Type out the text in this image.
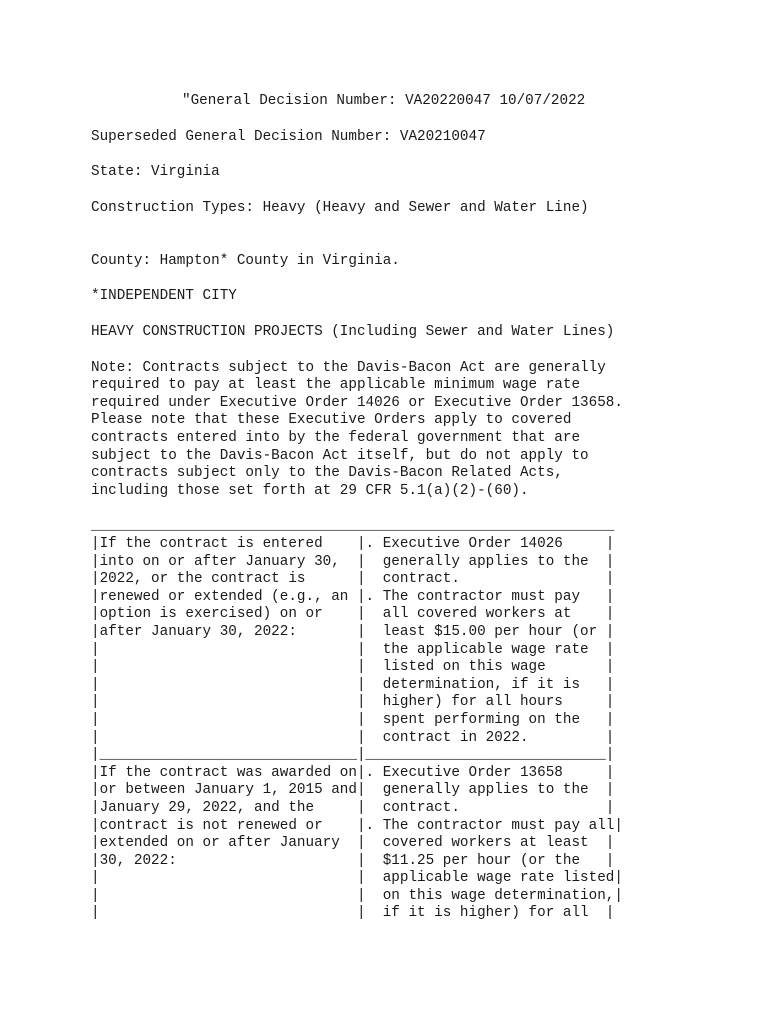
"General Decision Number: VA20220047 10/07/2022
Superseded General Decision Number: VA20210047
State: Virginia
Construction Types: Heavy (Heavy and Sewer and Water Line)
County: Hampton* County in Virginia.
*INDEPENDENT CITY
HEAVY CONSTRUCTION PROJECTS (Including Sewer and Water Lines)
Note: Contracts subject to the Davis-Bacon Act are generally
required to pay at least the applicable minimum wage rate
required under Executive Order 14026 or Executive Order 13658.
Please note that these Executive Orders apply to covered
contracts entered into by the federal government that are
subject to the Davis-Bacon Act itself, but do not apply to
contracts subject only to the Davis-Bacon Related Acts,
including those set forth at 29 CFR 5.1(a)(2)-(60).
_____________________________________________________________
|If the contract is entered    |. Executive Order 14026     |
|into on or after January 30,  |  generally applies to the  |
|2022, or the contract is      |  contract.                 |
|renewed or extended (e.g., an |. The contractor must pay   |
|option is exercised) on or    |  all covered workers at    |
|after January 30, 2022:       |  least $15.00 per hour (or |
|                              |  the applicable wage rate  |
|                              |  listed on this wage       |
|                              |  determination, if it is   |
|                              |  higher) for all hours     |
|                              |  spent performing on the   |
|                              |  contract in 2022.         |
|______________________________|____________________________|
|If the contract was awarded on|. Executive Order 13658     |
|or between January 1, 2015 and|  generally applies to the  |
|January 29, 2022, and the     |  contract.                 |
|contract is not renewed or    |. The contractor must pay all|
|extended on or after January  |  covered workers at least  |
|30, 2022:                     |  $11.25 per hour (or the   |
|                              |  applicable wage rate listed|
|                              |  on this wage determination,|
|                              |  if it is higher) for all  |
